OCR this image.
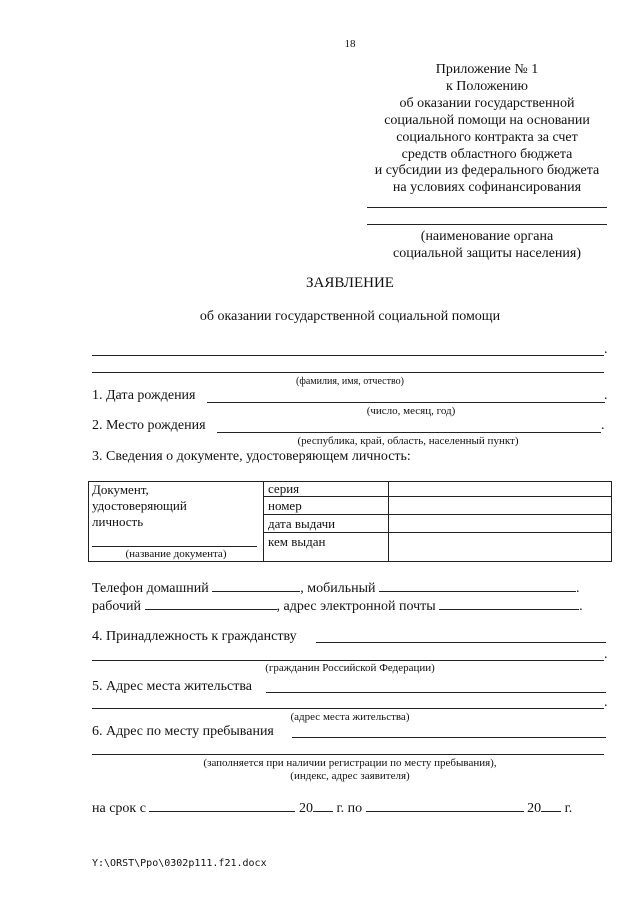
18
Приложение № 1
к Положению
об оказании государственной
социальной помощи на основании
социального контракта за счет
средств областного бюджета
и субсидии из федерального бюджета
на условиях софинансирования
(наименование органа
социальной защиты населения)
ЗАЯВЛЕНИЕ
об оказании государственной социальной помощи
.
(фамилия, имя, отчество)
1. Дата рождения	.
(число, месяц, год)
2. Место рождения	.
(республика, край, область, населенный пункт)
3. Сведения о документе, удостоверяющем личность:
Документ,
удостоверяющий
личность
(название документа)
серия
номер
дата выдачи
кем выдан
Телефон домашний	, мобильный	.
рабочий	, адрес электронной почты	.
4. Принадлежность к гражданству
.
(гражданин Российской Федерации)
5. Адрес места жительства
.
(адрес места жительства)
6. Адрес по месту пребывания
(заполняется при наличии регистрации по месту пребывания),
(индекс, адрес заявителя)
на срок с	20 г. по	20 г.
Y:\ORST\Ppo\0302p111.f21.docx
